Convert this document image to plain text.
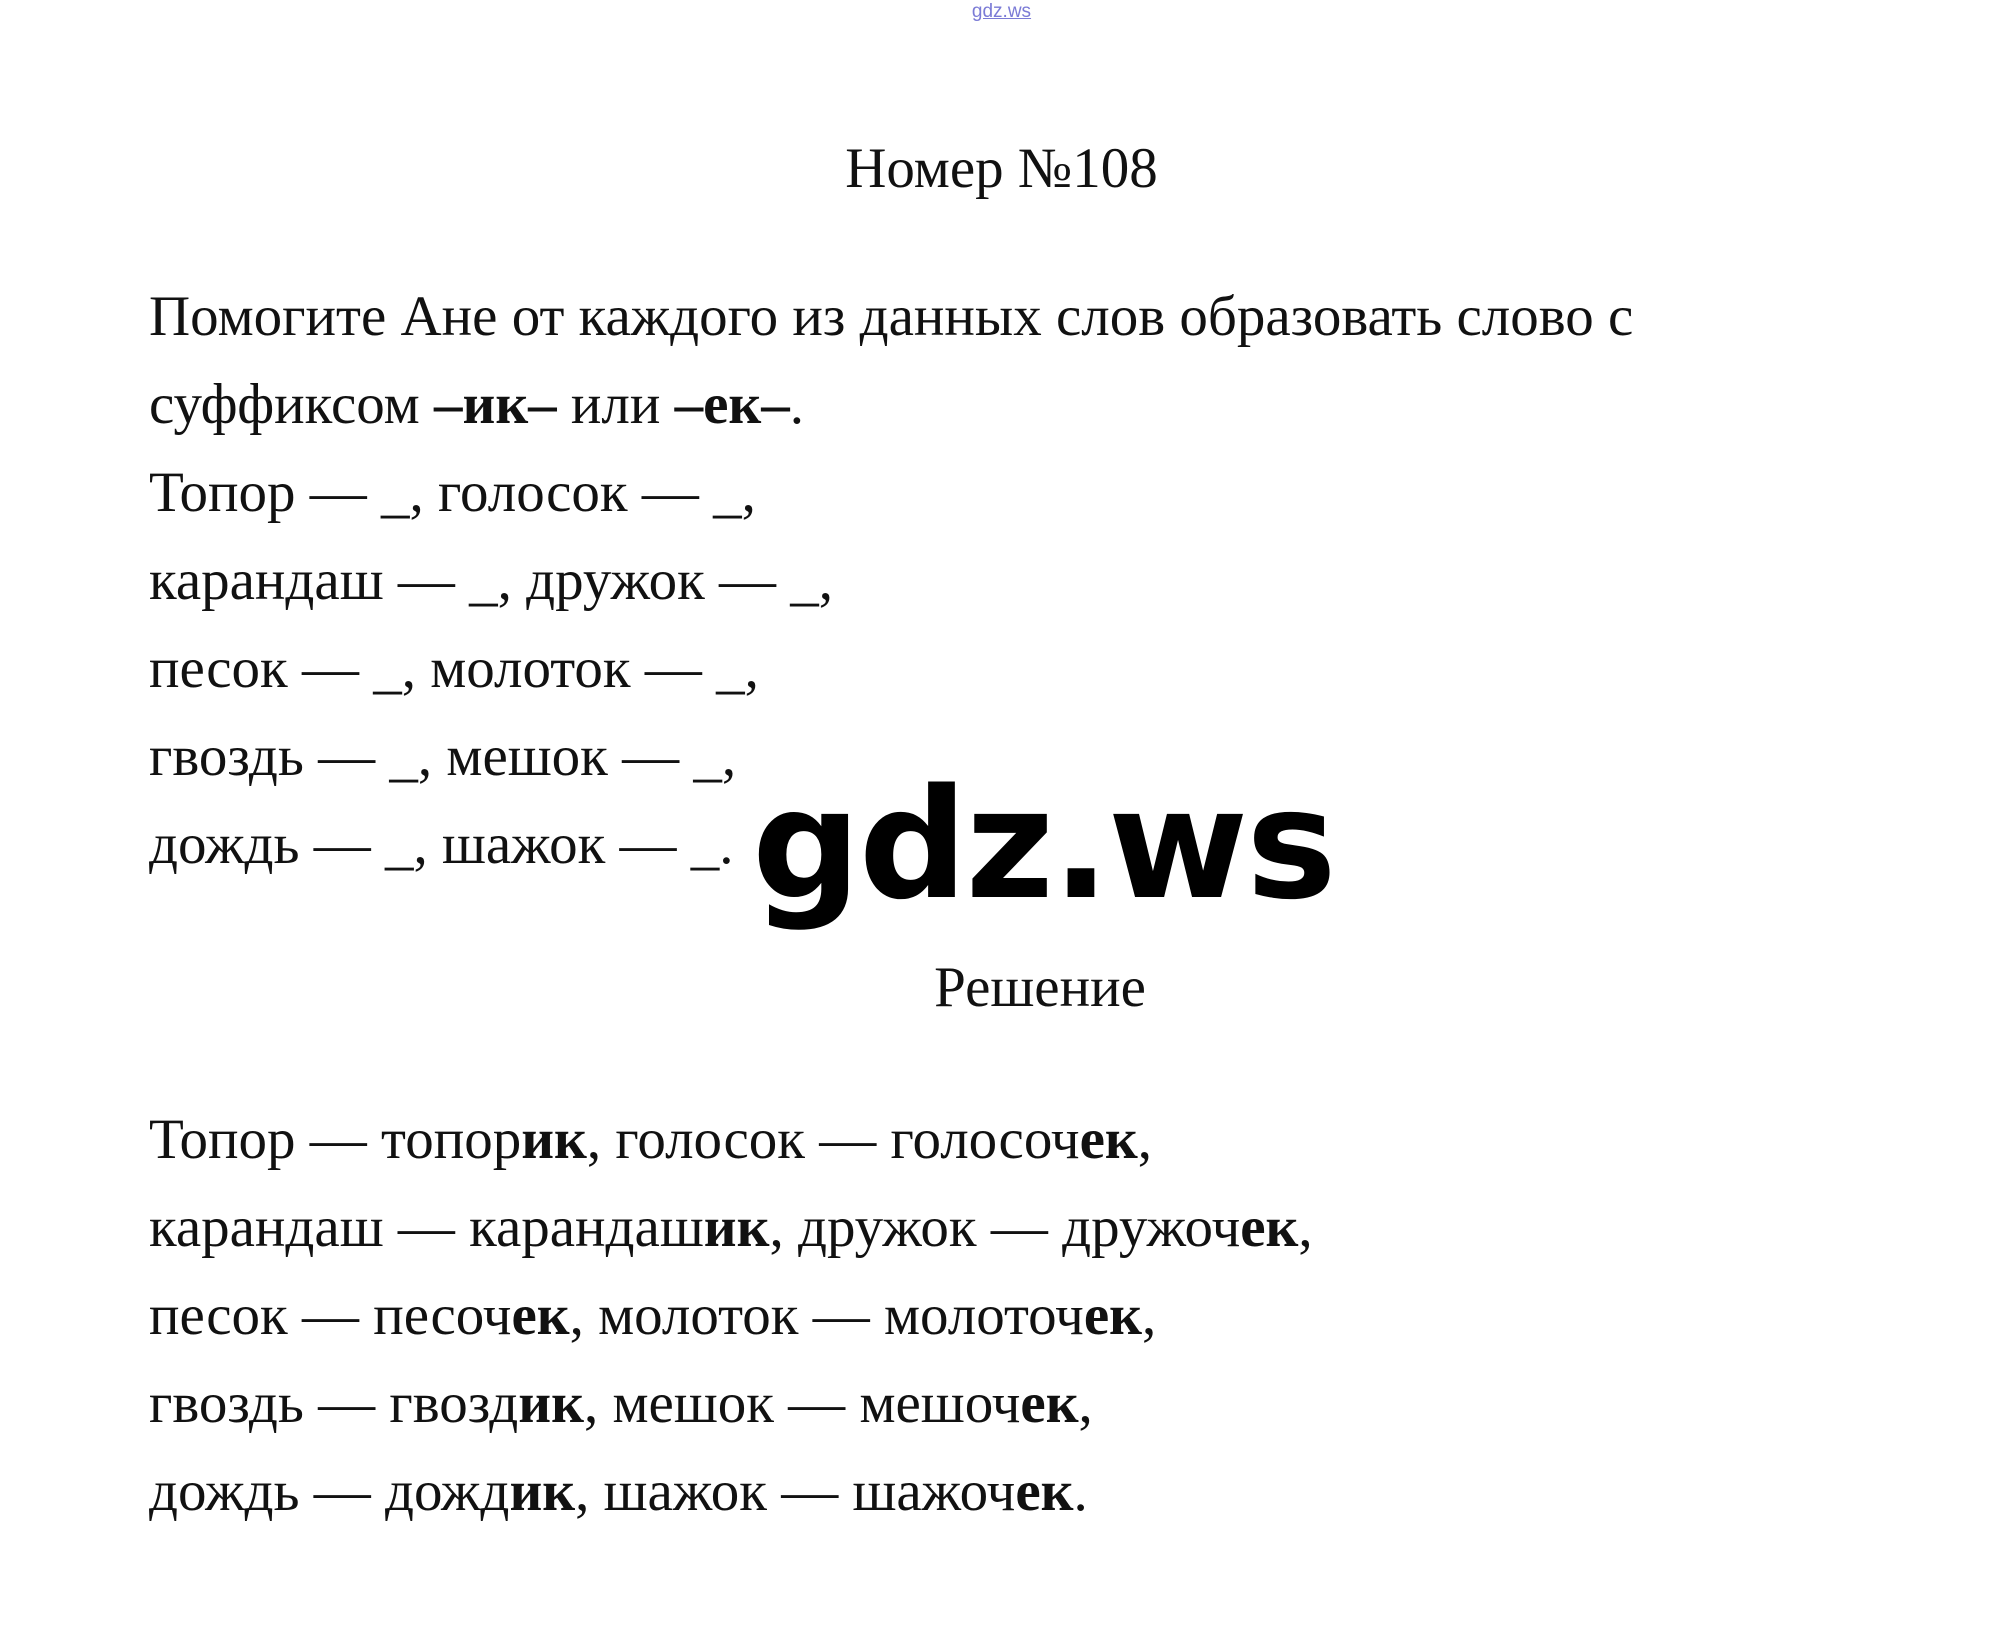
gdz.ws
Номер №108
Помогите Ане от каждого из данных слов образовать слово с
суффиксом –ик– или –ек–.
Топор — _, голосок — _,
карандаш — _, дружок — _,
песок — _, молоток — _,
гвоздь — _, мешок — _,
дождь — _, шажок — _. gdz.ws
Решение
Топор — топорик, голосок — голосочек,
карандаш — карандашик, дружок — дружочек,
песок — песочек, молоток — молоточек,
гвоздь — гвоздик, мешок — мешочек,
дождь — дождик, шажок — шажочек.
